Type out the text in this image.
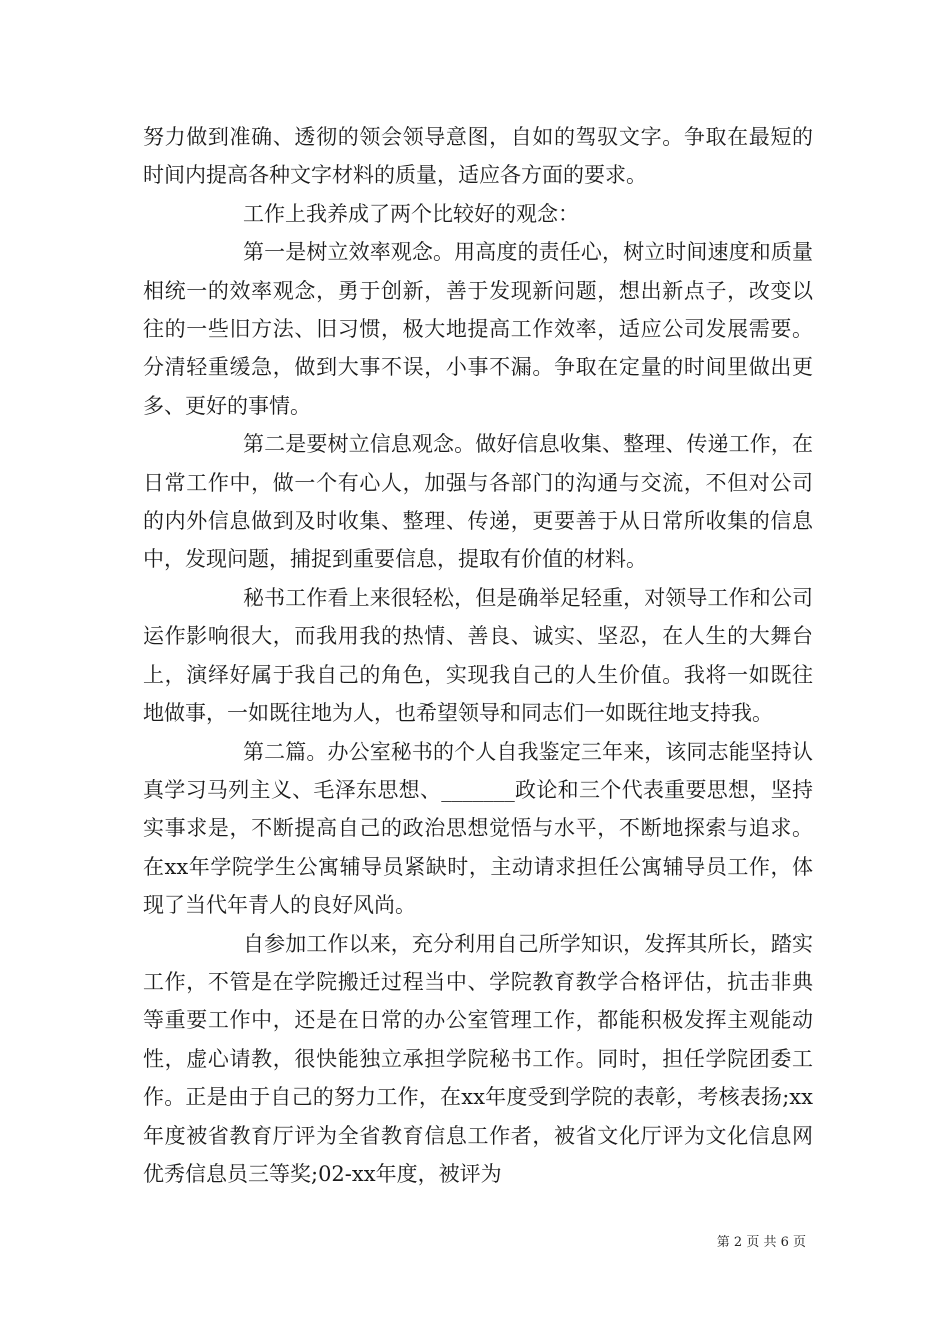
努力做到准确、透彻的领会领导意图，自如的驾驭文字。争取在最短的时间内提高各种文字材料的质量，适应各方面的要求。

工作上我养成了两个比较好的观念：

第一是树立效率观念。用高度的责任心，树立时间速度和质量相统一的效率观念，勇于创新，善于发现新问题，想出新点子，改变以往的一些旧方法、旧习惯，极大地提高工作效率，适应公司发展需要。分清轻重缓急，做到大事不误，小事不漏。争取在定量的时间里做出更多、更好的事情。

第二是要树立信息观念。做好信息收集、整理、传递工作，在日常工作中，做一个有心人，加强与各部门的沟通与交流，不但对公司的内外信息做到及时收集、整理、传递，更要善于从日常所收集的信息中，发现问题，捕捉到重要信息，提取有价值的材料。

秘书工作看上来很轻松，但是确举足轻重，对领导工作和公司运作影响很大，而我用我的热情、善良、诚实、坚忍，在人生的大舞台上，演绎好属于我自己的角色，实现我自己的人生价值。我将一如既往地做事，一如既往地为人，也希望领导和同志们一如既往地支持我。

第二篇。办公室秘书的个人自我鉴定三年来，该同志能坚持认真学习马列主义、毛泽东思想、_______政论和三个代表重要思想，坚持实事求是，不断提高自己的政治思想觉悟与水平，不断地探索与追求。在xx年学院学生公寓辅导员紧缺时，主动请求担任公寓辅导员工作，体现了当代年青人的良好风尚。

自参加工作以来，充分利用自己所学知识，发挥其所长，踏实工作，不管是在学院搬迁过程当中、学院教育教学合格评估，抗击非典等重要工作中，还是在日常的办公室管理工作，都能积极发挥主观能动性，虚心请教，很快能独立承担学院秘书工作。同时，担任学院团委工作。正是由于自己的努力工作，在xx年度受到学院的表彰，考核表扬;xx年度被省教育厅评为全省教育信息工作者，被省文化厅评为文化信息网优秀信息员三等奖;02-xx年度，被评为

第 2 页 共 6 页
